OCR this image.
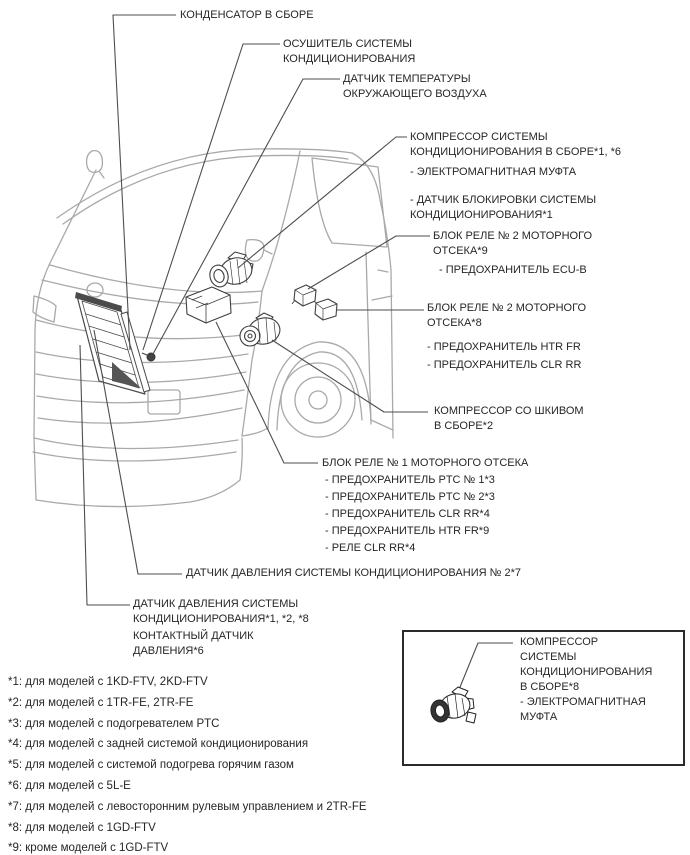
КОНДЕНСАТОР В СБОРЕ
ОСУШИТЕЛЬ СИСТЕМЫ
КОНДИЦИОНИРОВАНИЯ
ДАТЧИК ТЕМПЕРАТУРЫ
ОКРУЖАЮЩЕГО ВОЗДУХА
КОМПРЕССОР СИСТЕМЫ
КОНДИЦИОНИРОВАНИЯ В СБОРЕ*1, *6
- ЭЛЕКТРОМАГНИТНАЯ МУФТА
- ДАТЧИК БЛОКИРОВКИ СИСТЕМЫ
КОНДИЦИОНИРОВАНИЯ*1
БЛОК РЕЛЕ № 2 МОТОРНОГО
ОТСЕКА*9
- ПРЕДОХРАНИТЕЛЬ ECU-B
БЛОК РЕЛЕ № 2 МОТОРНОГО
ОТСЕКА*8
- ПРЕДОХРАНИТЕЛЬ HTR FR
- ПРЕДОХРАНИТЕЛЬ CLR RR
КОМПРЕССОР СО ШКИВОМ
В СБОРЕ*2
БЛОК РЕЛЕ № 1 МОТОРНОГО ОТСЕКА
- ПРЕДОХРАНИТЕЛЬ PTC № 1*3
- ПРЕДОХРАНИТЕЛЬ PTC № 2*3
- ПРЕДОХРАНИТЕЛЬ CLR RR*4
- ПРЕДОХРАНИТЕЛЬ HTR FR*9
- РЕЛЕ CLR RR*4
ДАТЧИК ДАВЛЕНИЯ СИСТЕМЫ КОНДИЦИОНИРОВАНИЯ № 2*7
ДАТЧИК ДАВЛЕНИЯ СИСТЕМЫ
КОНДИЦИОНИРОВАНИЯ*1, *2, *8
КОНТАКТНЫЙ ДАТЧИК
ДАВЛЕНИЯ*6
КОМПРЕССОР
СИСТЕМЫ
КОНДИЦИОНИРОВАНИЯ
В СБОРЕ*8
- ЭЛЕКТРОМАГНИТНАЯ
МУФТА
*1: для моделей с 1KD-FTV, 2KD-FTV
*2: для моделей с 1TR-FE, 2TR-FE
*3: для моделей с подогревателем PTC
*4: для моделей с задней системой кондиционирования
*5: для моделей с системой подогрева горячим газом
*6: для моделей с 5L-E
*7: для моделей с левосторонним рулевым управлением и 2TR-FE
*8: для моделей с 1GD-FTV
*9: кроме моделей с 1GD-FTV
